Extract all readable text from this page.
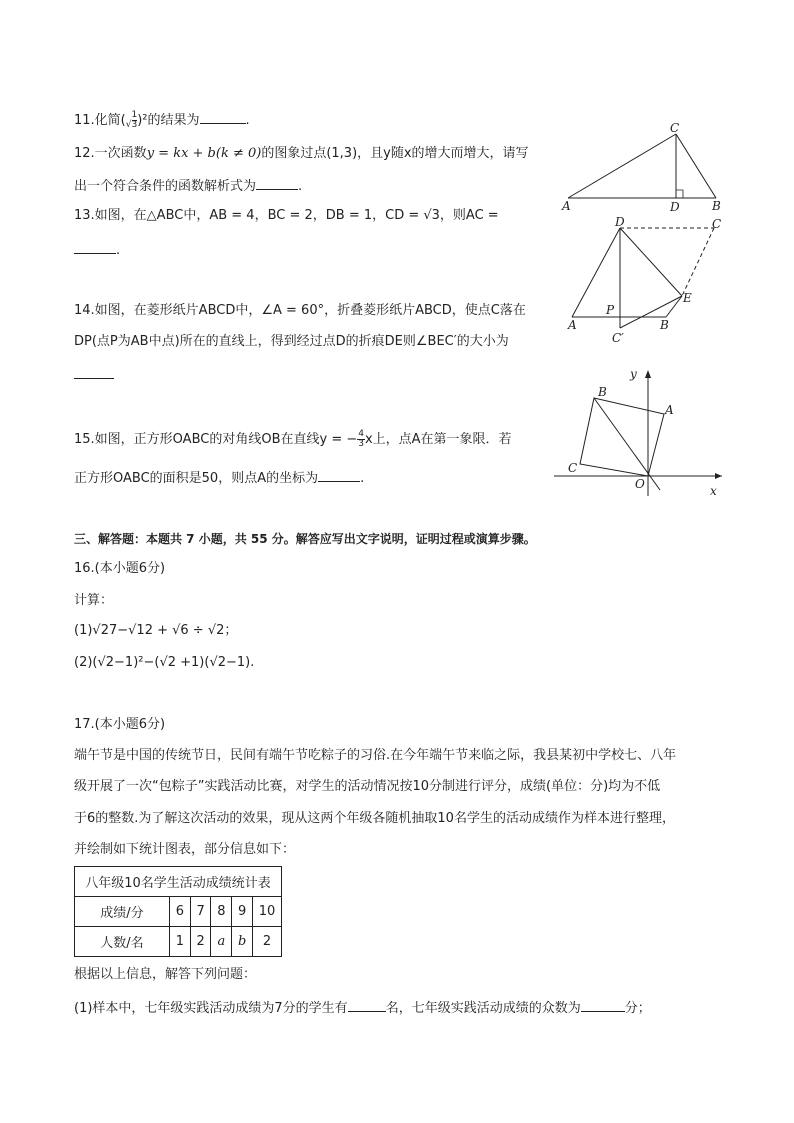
11.化简(√ $\frac{1}{3} )^2$的结果为	.
12.一次函数y = kx + b(k ≠ 0)的图象过点(1,3)，且y随x的增大而增大，请写
出一个符合条件的函数解析式为	.
13.如图，在△ABC中，AB = 4，BC = 2，DB = 1，CD = √3，则AC =
.
14.如图，在菱形纸片ABCD中，∠A = 60°，折叠菱形纸片ABCD，使点C落在
DP(点P为AB中点)所在的直线上，得到经过点D的折痕DE则∠BEC′的大小为
15.如图，正方形OABC的对角线OB在直线y = − $\frac{4}{3}$ x上，点A在第一象限．若
正方形OABC的面积是50，则点A的坐标为	.
三、解答题：本题共 7 小题，共 55 分。解答应写出文字说明，证明过程或演算步骤。
16.(本小题6分)
计算：
(1)√27−√12 + √6 ÷ √2；
(2)(√2−1)²−(√2 +1)(√2−1).
17.(本小题6分)
端午节是中国的传统节日，民间有端午节吃粽子的习俗.在今年端午节来临之际，我县某初中学校七、八年
级开展了一次“包粽子”实践活动比赛，对学生的活动情况按10分制进行评分，成绩(单位：分)均为不低
于6的整数.为了解这次活动的效果，现从这两个年级各随机抽取10名学生的活动成绩作为样本进行整理，
并绘制如下统计图表，部分信息如下：
八年级10名学生活动成绩统计表					
成绩/分	6	7	8	9	10
人数/名	1	2	a	b	2
根据以上信息，解答下列问题：
(1)样本中，七年级实践活动成绩为7分的学生有	名，七年级实践活动成绩的众数为	分；
C
A	D	B
D	C
E
P
A	B
C′
y
x
B
A
C
O
